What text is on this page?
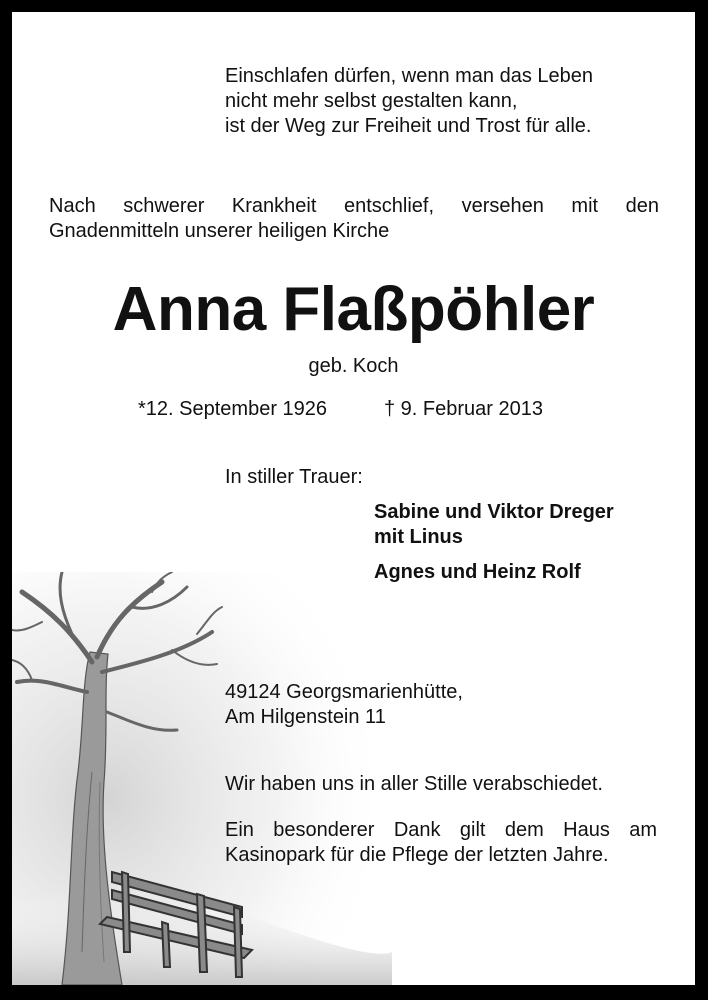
Einschlafen dürfen, wenn man das Leben
nicht mehr selbst gestalten kann,
ist der Weg zur Freiheit und Trost für alle.

Nach schwerer Krankheit entschlief, versehen mit den

Gnadenmitteln unserer heiligen Kirche

Anna Flaßpöhler

geb. Koch

*12. September 1926	† 9. Februar 2013

In stiller Trauer:

Sabine und Viktor Dreger
mit Linus
Agnes und Heinz Rolf

49124 Georgsmarienhütte,
Am Hilgenstein 11

Wir haben uns in aller Stille verabschiedet.

Ein besonderer Dank gilt dem Haus am Kasinopark für die Pflege der letzten Jahre.
